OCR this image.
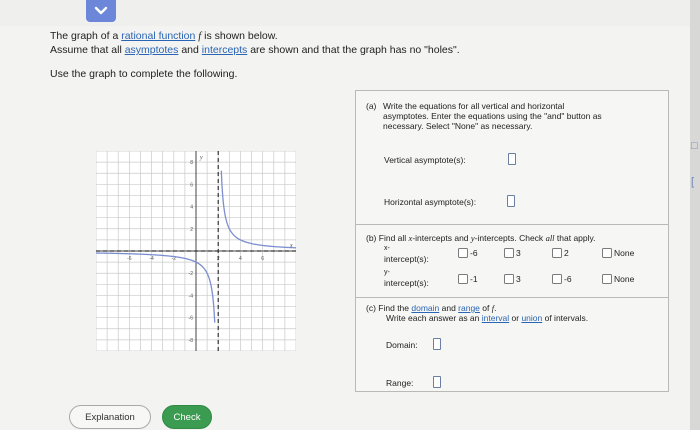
The graph of a rational function f is shown below.
Assume that all asymptotes and intercepts are shown and that the graph has no "holes".
Use the graph to complete the following.
-6	-4	-2	2	4	6
8
6
4
2
-2
-4
-6
-8
x
y
(a) Write the equations for all vertical and horizontal
asymptotes. Enter the equations using the "and" button as
necessary. Select "None" as necessary.
Vertical asymptote(s):
Horizontal asymptote(s):
(b) Find all x-intercepts and y-intercepts. Check all that apply.
x-
intercept(s):
-6	3	2	None
y-
intercept(s):	-1	3	-6	None
(c) Find the domain and range of f.
Write each answer as an interval or union of intervals.
Domain:
Range:
Explanation	Check
□
[
